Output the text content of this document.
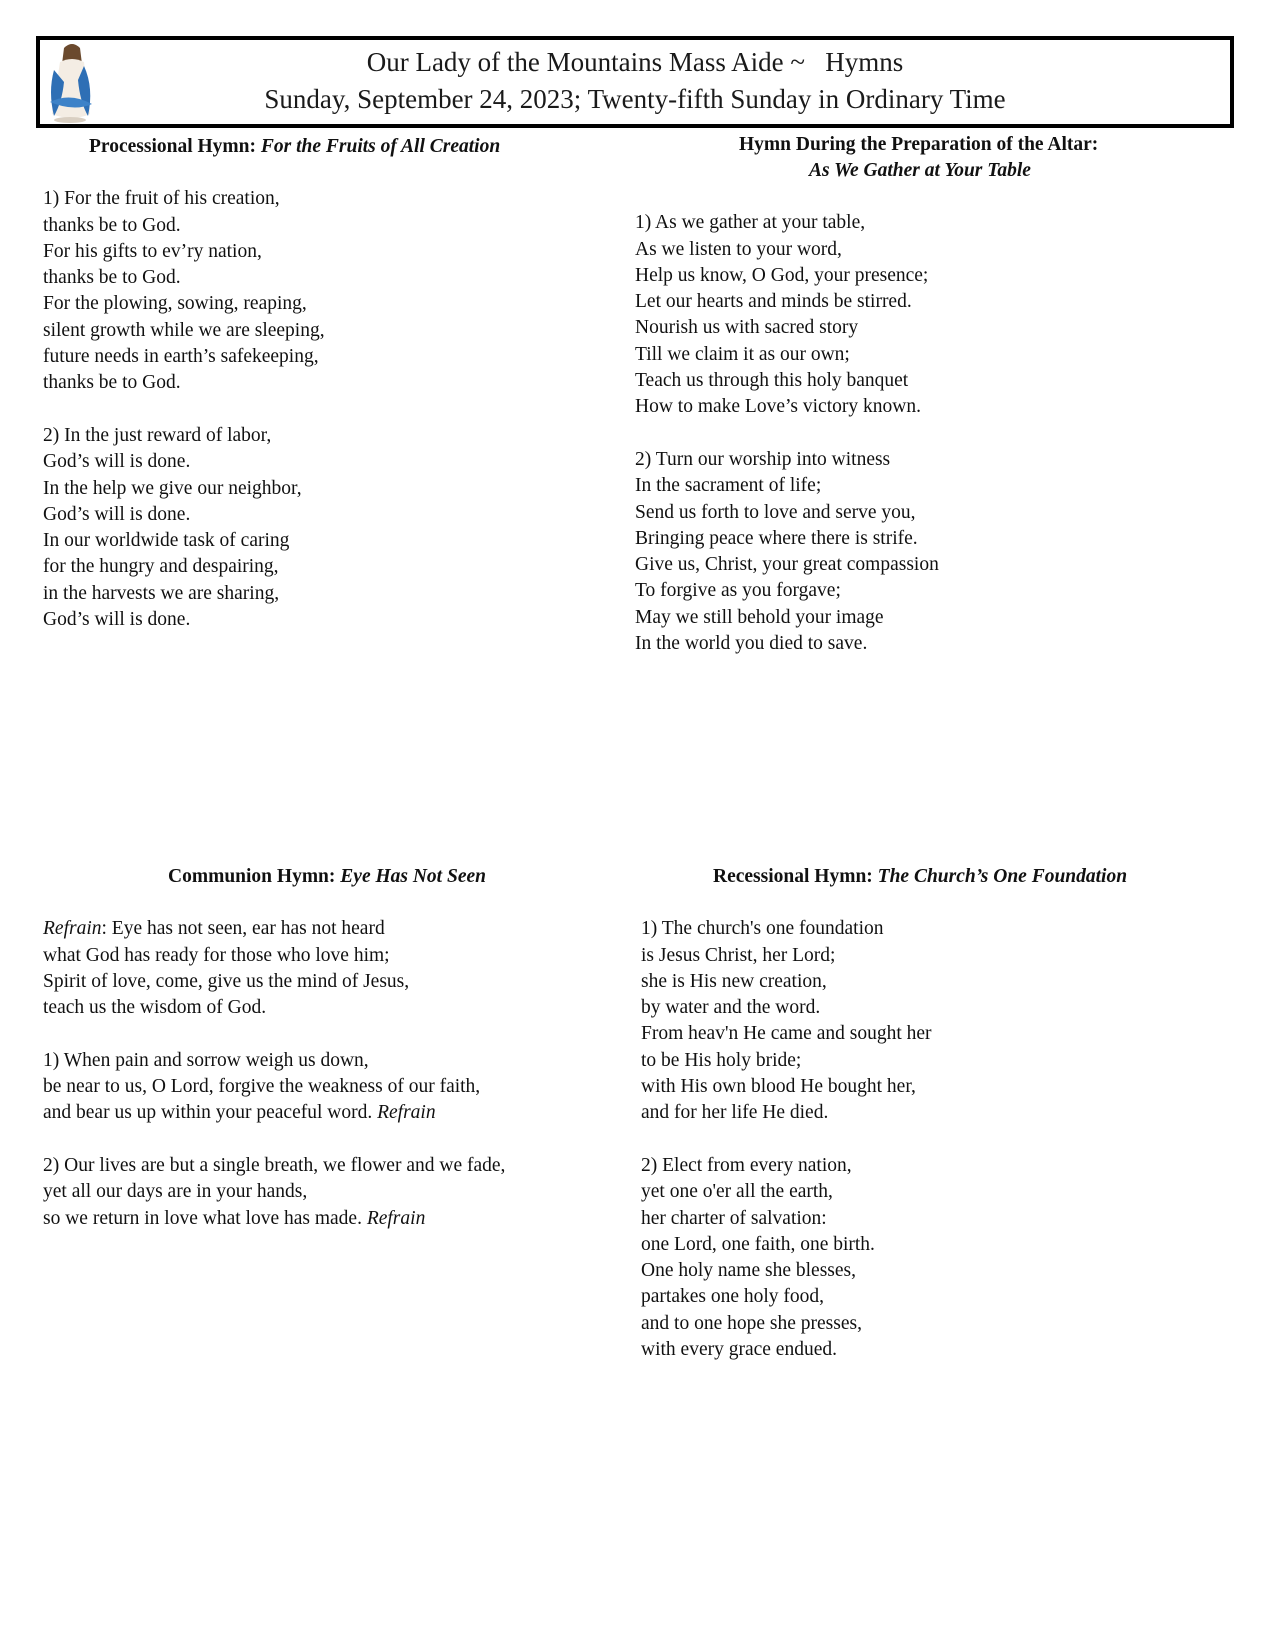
Our Lady of the Mountains Mass Aide ~   Hymns
Sunday, September 24, 2023; Twenty-fifth Sunday in Ordinary Time
Processional Hymn: For the Fruits of All Creation
1) For the fruit of his creation,
thanks be to God.
For his gifts to ev’ry nation,
thanks be to God.
For the plowing, sowing, reaping,
silent growth while we are sleeping,
future needs in earth’s safekeeping,
thanks be to God.
2) In the just reward of labor,
God’s will is done.
In the help we give our neighbor,
God’s will is done.
In our worldwide task of caring
for the hungry and despairing,
in the harvests we are sharing,
God’s will is done.
Hymn During the Preparation of the Altar:
As We Gather at Your Table
1) As we gather at your table,
As we listen to your word,
Help us know, O God, your presence;
Let our hearts and minds be stirred.
Nourish us with sacred story
Till we claim it as our own;
Teach us through this holy banquet
How to make Love’s victory known.
2) Turn our worship into witness
In the sacrament of life;
Send us forth to love and serve you,
Bringing peace where there is strife.
Give us, Christ, your great compassion
To forgive as you forgave;
May we still behold your image
In the world you died to save.
Communion Hymn: Eye Has Not Seen
Refrain: Eye has not seen, ear has not heard
what God has ready for those who love him;
Spirit of love, come, give us the mind of Jesus,
teach us the wisdom of God.
1) When pain and sorrow weigh us down,
be near to us, O Lord, forgive the weakness of our faith,
and bear us up within your peaceful word. Refrain
2) Our lives are but a single breath, we flower and we fade,
yet all our days are in your hands,
so we return in love what love has made. Refrain
Recessional Hymn: The Church’s One Foundation
1) The church's one foundation
is Jesus Christ, her Lord;
she is His new creation,
by water and the word.
From heav'n He came and sought her
to be His holy bride;
with His own blood He bought her,
and for her life He died.
2) Elect from every nation,
yet one o'er all the earth,
her charter of salvation:
one Lord, one faith, one birth.
One holy name she blesses,
partakes one holy food,
and to one hope she presses,
with every grace endued.
